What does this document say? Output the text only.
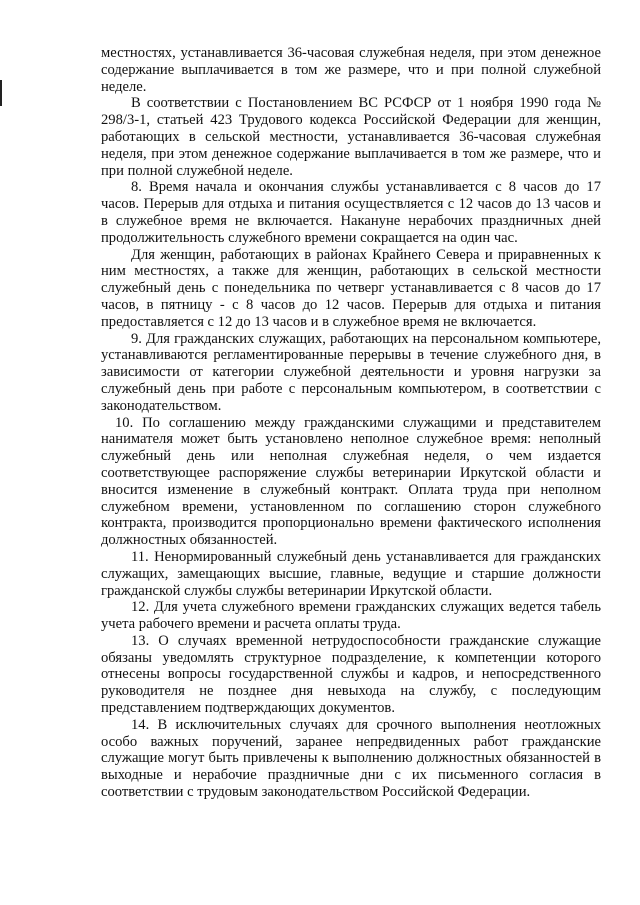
местностях, устанавливается 36-часовая служебная неделя, при этом денежное содержание выплачивается в том же размере, что и при полной служебной неделе.

В соответствии с Постановлением ВС РСФСР от 1 ноября 1990 года № 298/3-1, статьей 423 Трудового кодекса Российской Федерации для женщин, работающих в сельской местности, устанавливается 36-часовая служебная неделя, при этом денежное содержание выплачивается в том же размере, что и при полной служебной неделе.

8. Время начала и окончания службы устанавливается с 8 часов до 17 часов. Перерыв для отдыха и питания осуществляется с 12 часов до 13 часов и в служебное время не включается. Накануне нерабочих праздничных дней продолжительность служебного времени сокращается на один час.

Для женщин, работающих в районах Крайнего Севера и приравненных к ним местностях, а также для женщин, работающих в сельской местности служебный день с понедельника по четверг устанавливается с 8 часов до 17 часов, в пятницу - с 8 часов до 12 часов. Перерыв для отдыха и питания предоставляется с 12 до 13 часов и в служебное время не включается.

9. Для гражданских служащих, работающих на персональном компьютере, устанавливаются регламентированные перерывы в течение служебного дня, в зависимости от категории служебной деятельности и уровня нагрузки за служебный день при работе с персональным компьютером, в соответствии с законодательством.

10. По соглашению между гражданскими служащими и представителем нанимателя может быть установлено неполное служебное время: неполный служебный день или неполная служебная неделя, о чем издается соответствующее распоряжение службы ветеринарии Иркутской области и вносится изменение в служебный контракт. Оплата труда при неполном служебном времени, установленном по соглашению сторон служебного контракта, производится пропорционально времени фактического исполнения должностных обязанностей.

11. Ненормированный служебный день устанавливается для гражданских служащих, замещающих высшие, главные, ведущие и старшие должности гражданской службы службы ветеринарии Иркутской области.

12. Для учета служебного времени гражданских служащих ведется табель учета рабочего времени и расчета оплаты труда.

13. О случаях временной нетрудоспособности гражданские служащие обязаны уведомлять структурное подразделение, к компетенции которого отнесены вопросы государственной службы и кадров, и непосредственного руководителя не позднее дня невыхода на службу, с последующим представлением подтверждающих документов.

14. В исключительных случаях для срочного выполнения неотложных особо важных поручений, заранее непредвиденных работ гражданские служащие могут быть привлечены к выполнению должностных обязанностей в выходные и нерабочие праздничные дни с их письменного согласия в соответствии с трудовым законодательством Российской Федерации.
